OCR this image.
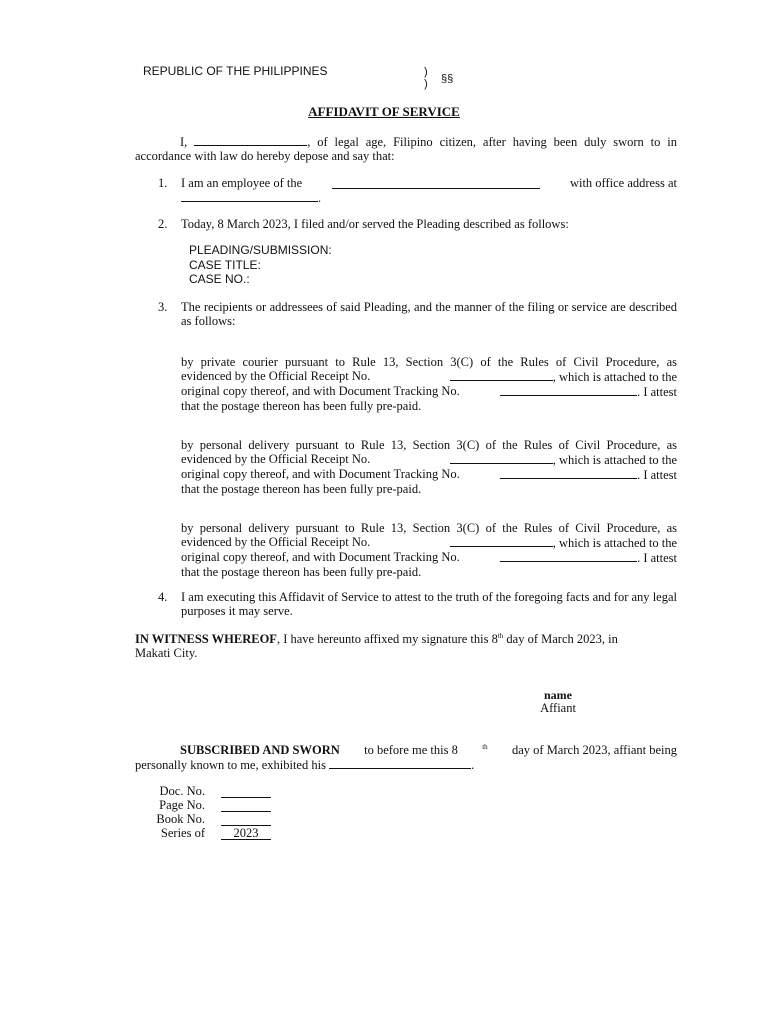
REPUBLIC OF THE PHILIPPINES	)
) §§
AFFIDAVIT OF SERVICE
I,	, of legal age, Filipino citizen, after having been duly sworn to in accordance with law do hereby depose and say that:
1. I am an employee of the	with office address at
.
2. Today, 8 March 2023, I filed and/or served the Pleading described as follows:
PLEADING/SUBMISSION:
CASE TITLE:
CASE NO.:
3. The recipients or addressees of said Pleading, and the manner of the filing or service are described as follows:
by private courier pursuant to Rule 13, Section 3(C) of the Rules of Civil Procedure, as
evidenced by the Official Receipt No.	, which is attached to the
original copy thereof, and with Document Tracking No.	. I attest
that the postage thereon has been fully pre-paid.
by personal delivery pursuant to Rule 13, Section 3(C) of the Rules of Civil Procedure, as
evidenced by the Official Receipt No.	, which is attached to the
original copy thereof, and with Document Tracking No.	. I attest
that the postage thereon has been fully pre-paid.
by personal delivery pursuant to Rule 13, Section 3(C) of the Rules of Civil Procedure, as
evidenced by the Official Receipt No.	, which is attached to the
original copy thereof, and with Document Tracking No.	. I attest
that the postage thereon has been fully pre-paid.
4. I am executing this Affidavit of Service to attest to the truth of the foregoing facts and for any legal purposes it may serve.
IN WITNESS WHEREOF, I have hereunto affixed my signature this 8th day of March 2023, in
Makati City.
name
Affiant
SUBSCRIBED AND SWORN to before me this 8	$^{th}$ day of March 2023, affiant being
personally known to me, exhibited his	.
Doc. No.
Page No.
Book No.
Series of	2023
